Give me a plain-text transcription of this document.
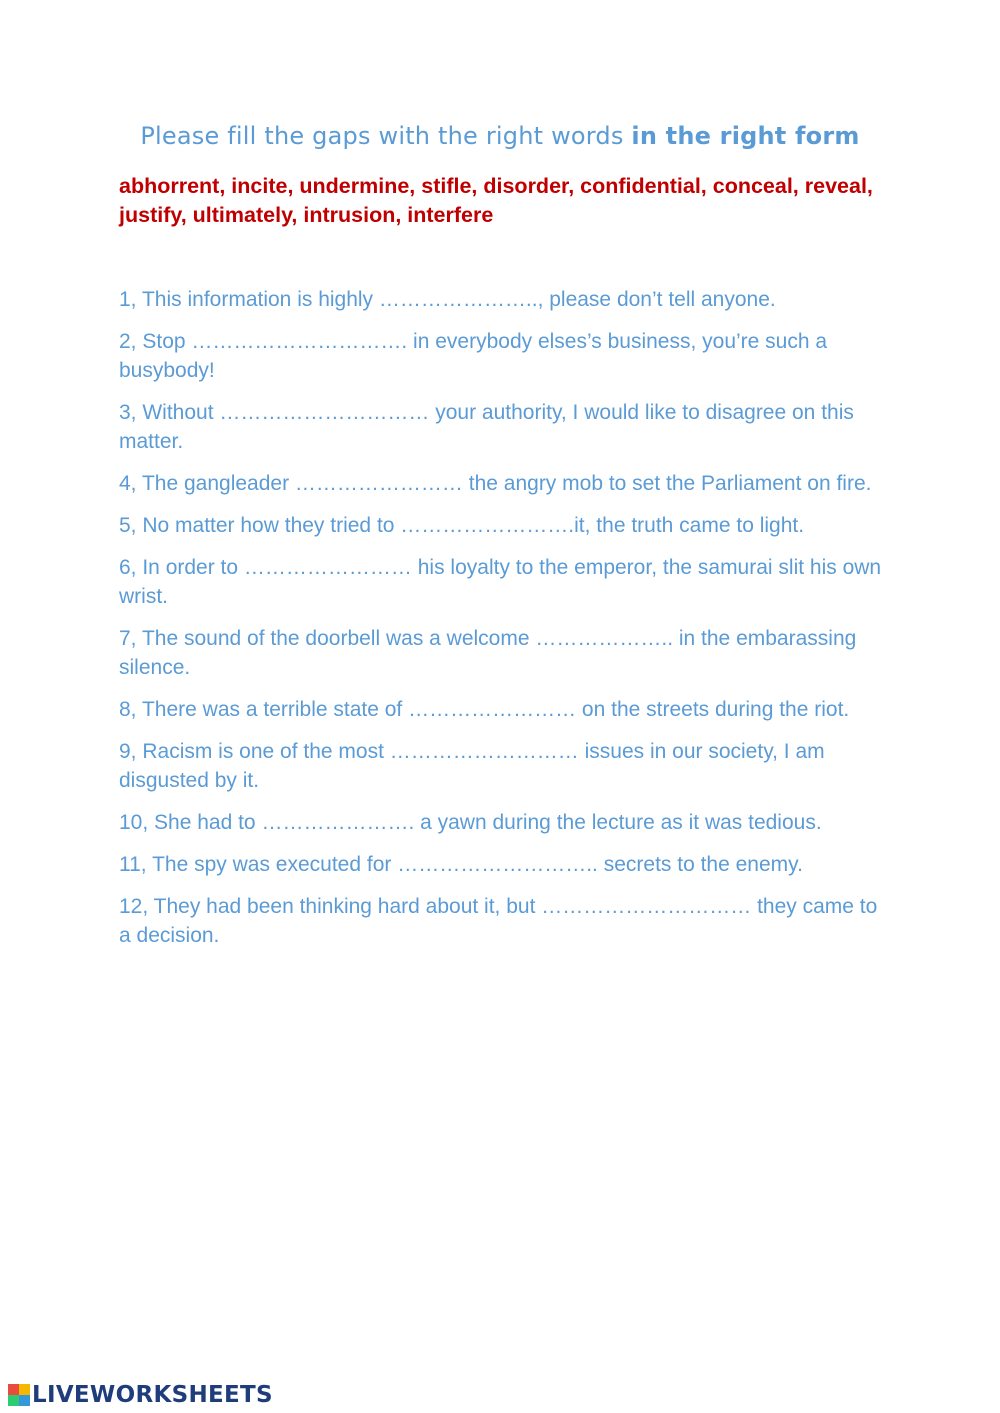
Please fill the gaps with the right words in the right form
abhorrent, incite, undermine, stifle, disorder, confidential, conceal, reveal, justify, ultimately, intrusion, interfere
1, This information is highly ………………….., please don’t tell anyone.
2, Stop …………………………. in everybody elses’s business, you’re such a busybody!
3, Without ………………………… your authority, I would like to disagree on this matter.
4, The gangleader …………………… the angry mob to set the Parliament on fire.
5, No matter how they tried to …………………….it, the truth came to light.
6, In order to …………………… his loyalty to the emperor, the samurai slit his own wrist.
7, The sound of the doorbell was a welcome ……………….. in the embarassing silence.
8, There was a terrible state of …………………… on the streets during the riot.
9, Racism is one of the most ……………………… issues in our society, I am disgusted by it.
10, She had to …………………. a yawn during the lecture as it was tedious.
11, The spy was executed for ……………………….. secrets to the enemy.
12, They had been thinking hard about it, but ………………………… they came to a decision.
LIVEWORKSHEETS
